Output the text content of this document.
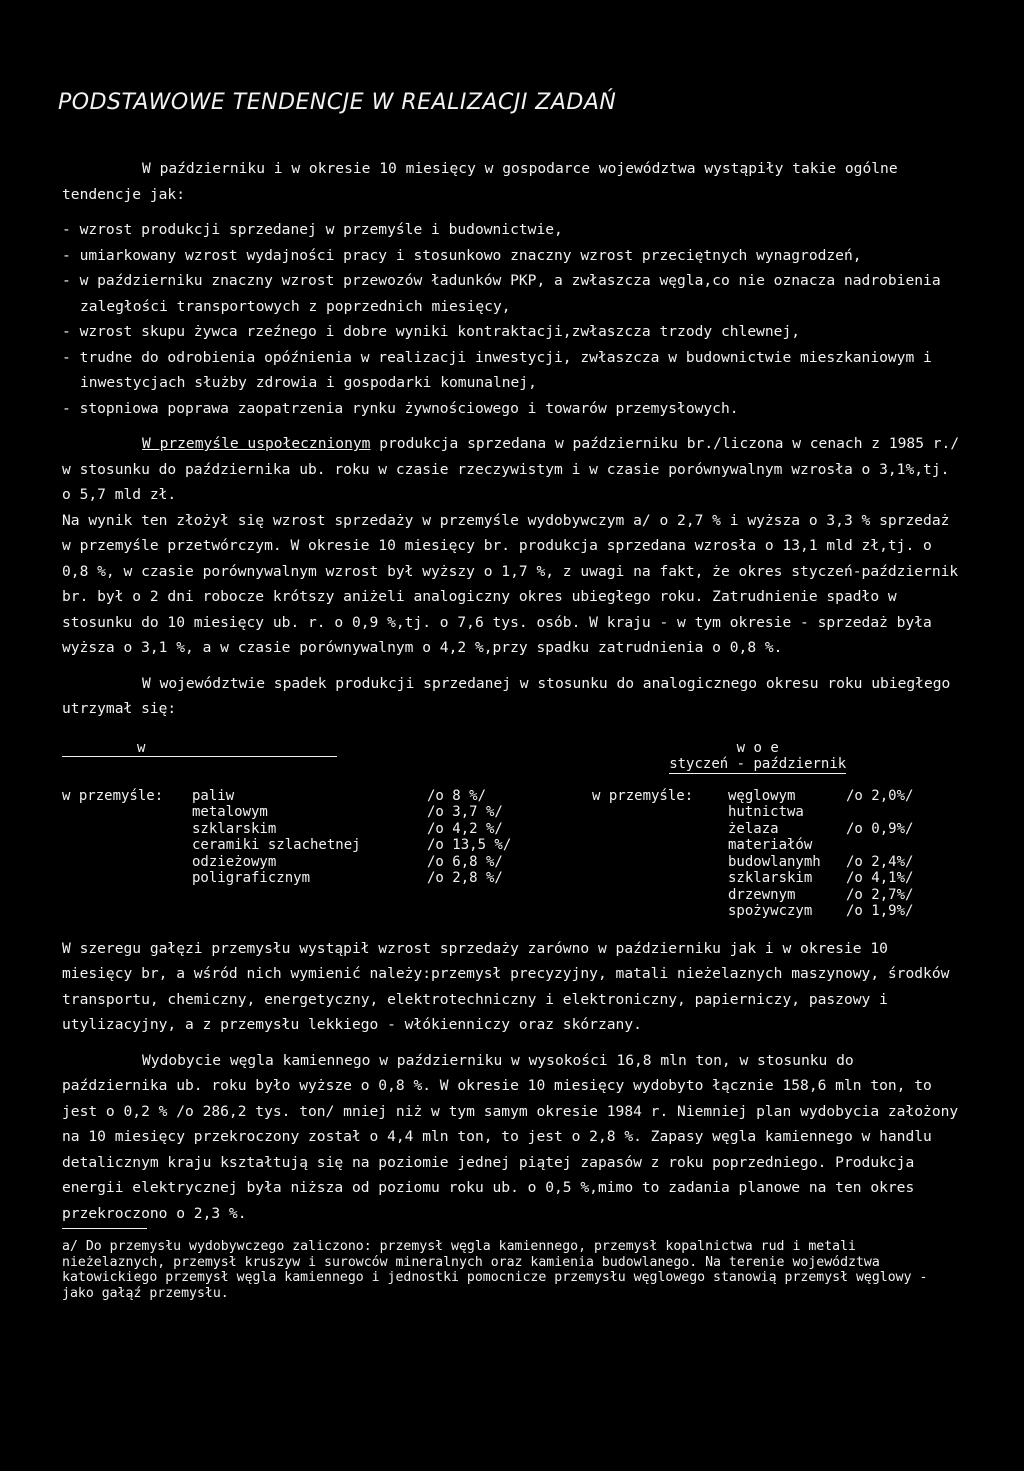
PODSTAWOWE TENDENCJE W REALIZACJI ZADAŃ

W październiku i w okresie 10 miesięcy w gospodarce województwa wystąpiły takie ogólne tendencje jak:

- wzrost produkcji sprzedanej w przemyśle i budownictwie,
- umiarkowany wzrost wydajności pracy i stosunkowo znaczny wzrost przeciętnych wynagrodzeń,
- w październiku znaczny wzrost przewozów ładunków PKP, a zwłaszcza węgla,co nie oznacza nadrobienia zaległości transportowych z poprzednich miesięcy,
- wzrost skupu żywca rzeźnego i dobre wyniki kontraktacji,zwłaszcza trzody chlewnej,
- trudne do odrobienia opóźnienia w realizacji inwestycji, zwłaszcza w budownictwie mieszkaniowym i inwestycjach służby zdrowia i gospodarki komunalnej,
- stopniowa poprawa zaopatrzenia rynku żywnościowego i towarów przemysłowych.

W przemyśle uspołecznionym produkcja sprzedana w październiku br./liczona w cenach z 1985 r./ w stosunku do października ub. roku w czasie rzeczywistym i w czasie porównywalnym wzrosła o 3,1%,tj. o 5,7 mld zł.

Na wynik ten złożył się wzrost sprzedaży w przemyśle wydobywczym a/ o 2,7 % i wyższa o 3,3 % sprzedaż w przemyśle przetwórczym. W okresie 10 miesięcy br. produkcja sprzedana wzrosła o 13,1 mld zł,tj. o 0,8 %, w czasie porównywalnym wzrost był wyższy o 1,7 %, z uwagi na fakt, że okres styczeń-październik br. był o 2 dni robocze krótszy aniżeli analogiczny okres ubiegłego roku. Zatrudnienie spadło w stosunku do 10 miesięcy ub. r. o 0,9 %,tj. o 7,6 tys. osób. W kraju - w tym okresie - sprzedaż była wyższa o 3,1 %, a w czasie porównywalnym o 4,2 %,przy spadku zatrudnienia o 0,8 %.

W województwie spadek produkcji sprzedanej w stosunku do analogicznego okresu roku ubiegłego utrzymał się:

w			w o e
styczeń - październik		
w przemyśle:	paliw	/o 8 %/	w przemyśle:	węglowym	/o 2,0%/
	metalowym	/o 3,7 %/		hutnictwa	
	szklarskim	/o 4,2 %/		żelaza	/o 0,9%/
	ceramiki szlachetnej	/o 13,5 %/		materiałów	
	odzieżowym	/o 6,8 %/		budowlanymh	/o 2,4%/
	poligraficznym	/o 2,8 %/		szklarskim	/o 4,1%/
				drzewnym	/o 2,7%/
				spożywczym	/o 1,9%/

W szeregu gałęzi przemysłu wystąpił wzrost sprzedaży zarówno w październiku jak i w okresie 10 miesięcy br, a wśród nich wymienić należy:przemysł precyzyjny, matali nieżelaznych maszynowy, środków transportu, chemiczny, energetyczny, elektrotechniczny i elektroniczny, papierniczy, paszowy i utylizacyjny, a z przemysłu lekkiego - włókienniczy oraz skórzany.

Wydobycie węgla kamiennego w październiku w wysokości 16,8 mln ton, w stosunku do października ub. roku było wyższe o 0,8 %. W okresie 10 miesięcy wydobyto łącznie 158,6 mln ton, to jest o 0,2 % /o 286,2 tys. ton/ mniej niż w tym samym okresie 1984 r. Niemniej plan wydobycia założony na 10 miesięcy przekroczony został o 4,4 mln ton, to jest o 2,8 %. Zapasy węgla kamiennego w handlu detalicznym kraju kształtują się na poziomie jednej piątej zapasów z roku poprzedniego. Produkcja energii elektrycznej była niższa od poziomu roku ub. o 0,5 %,mimo to zadania planowe na ten okres przekroczono o 2,3 %.

a/ Do przemysłu wydobywczego zaliczono: przemysł węgla kamiennego, przemysł kopalnictwa rud i metali nieżelaznych, przemysł kruszyw i surowców mineralnych oraz kamienia budowlanego. Na terenie województwa katowickiego przemysł węgla kamiennego i jednostki pomocnicze przemysłu węglowego stanowią przemysł węglowy - jako gałąź przemysłu.
